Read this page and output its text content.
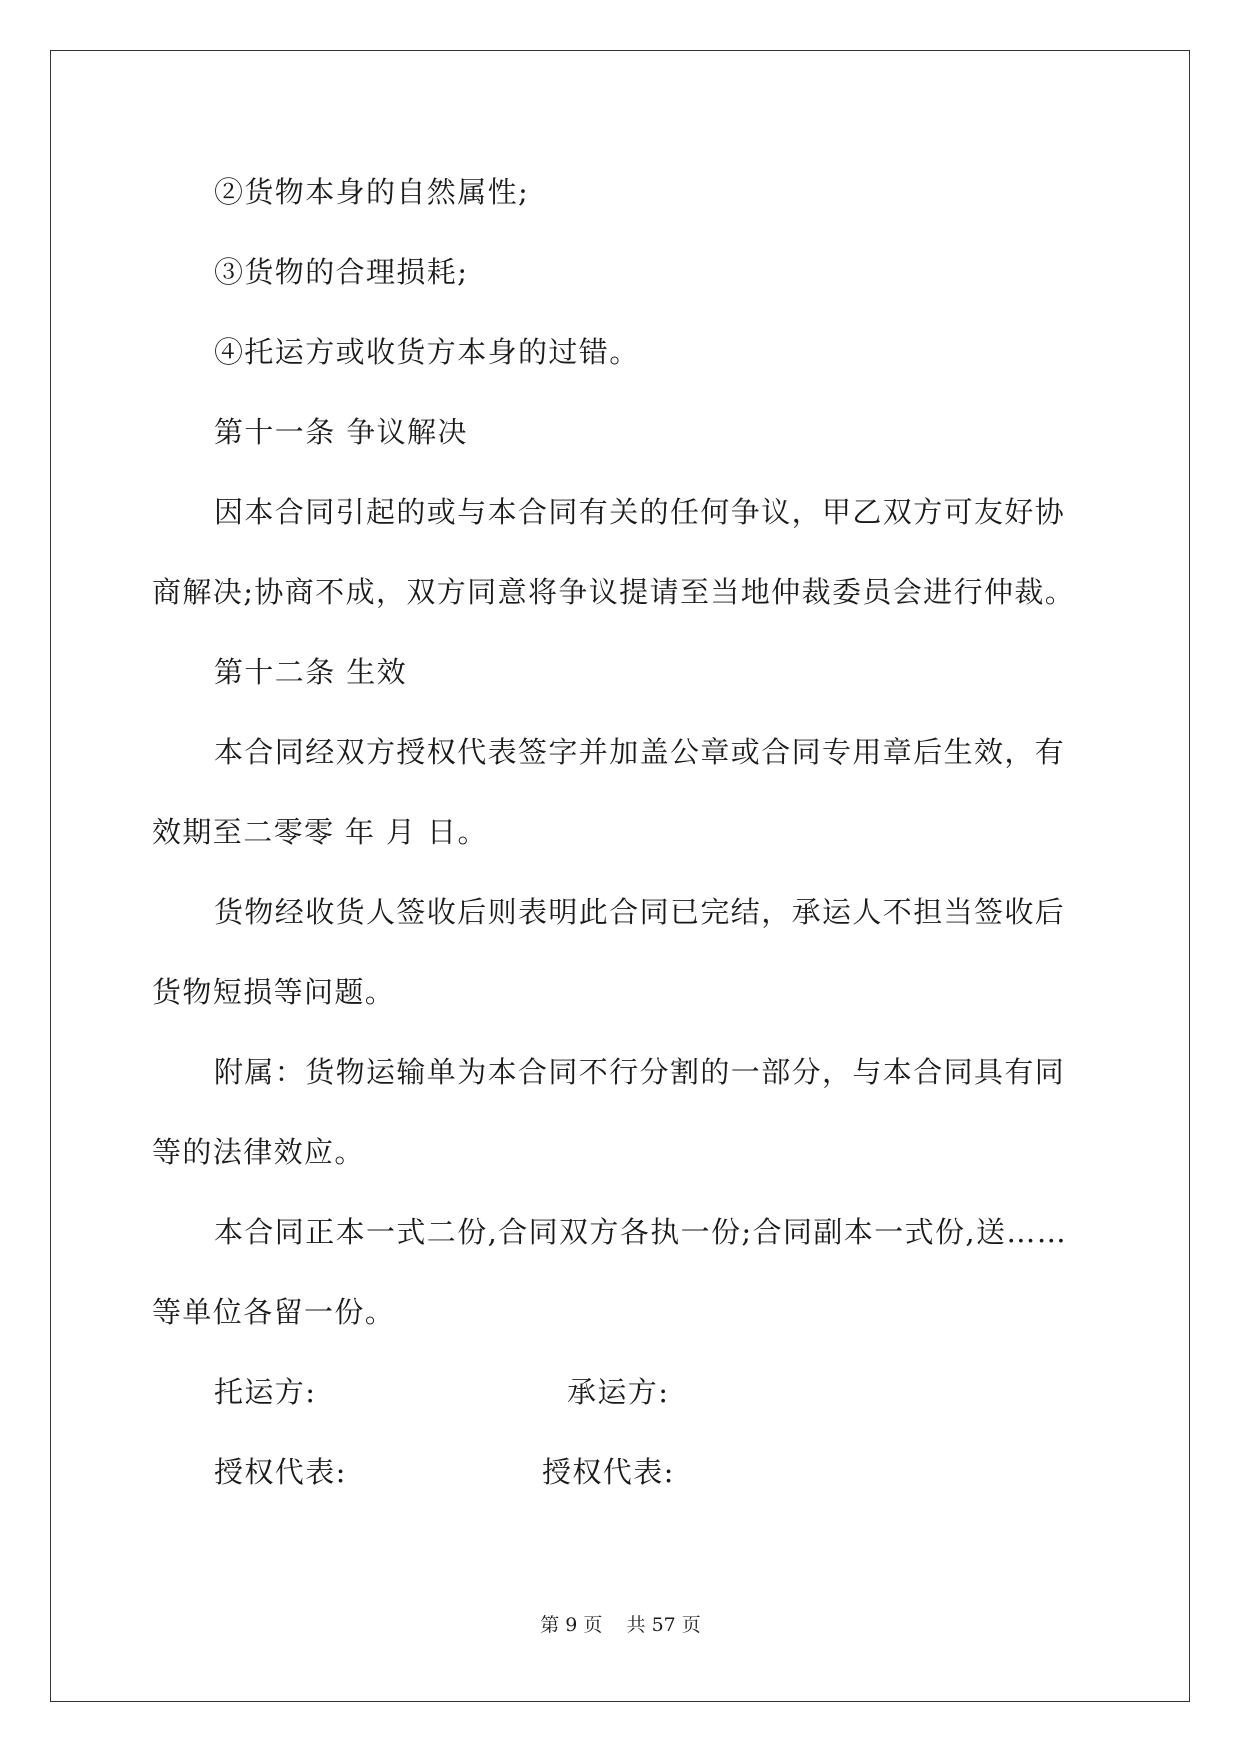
②货物本身的自然属性;
③货物的合理损耗;
④托运方或收货方本身的过错。
第十一条 争议解决
因本合同引起的或与本合同有关的任何争议，甲乙双方可友好协
商解决;协商不成，双方同意将争议提请至当地仲裁委员会进行仲裁。
第十二条 生效
本合同经双方授权代表签字并加盖公章或合同专用章后生效，有
效期至二零零 年 月 日。
货物经收货人签收后则表明此合同已完结，承运人不担当签收后
货物短损等问题。
附属：货物运输单为本合同不行分割的一部分，与本合同具有同
等的法律效应。
本合同正本一式二份,合同双方各执一份;合同副本一式份,送……
等单位各留一份。
托运方:	承运方:
授权代表:	授权代表:
第 9 页    共 57 页
